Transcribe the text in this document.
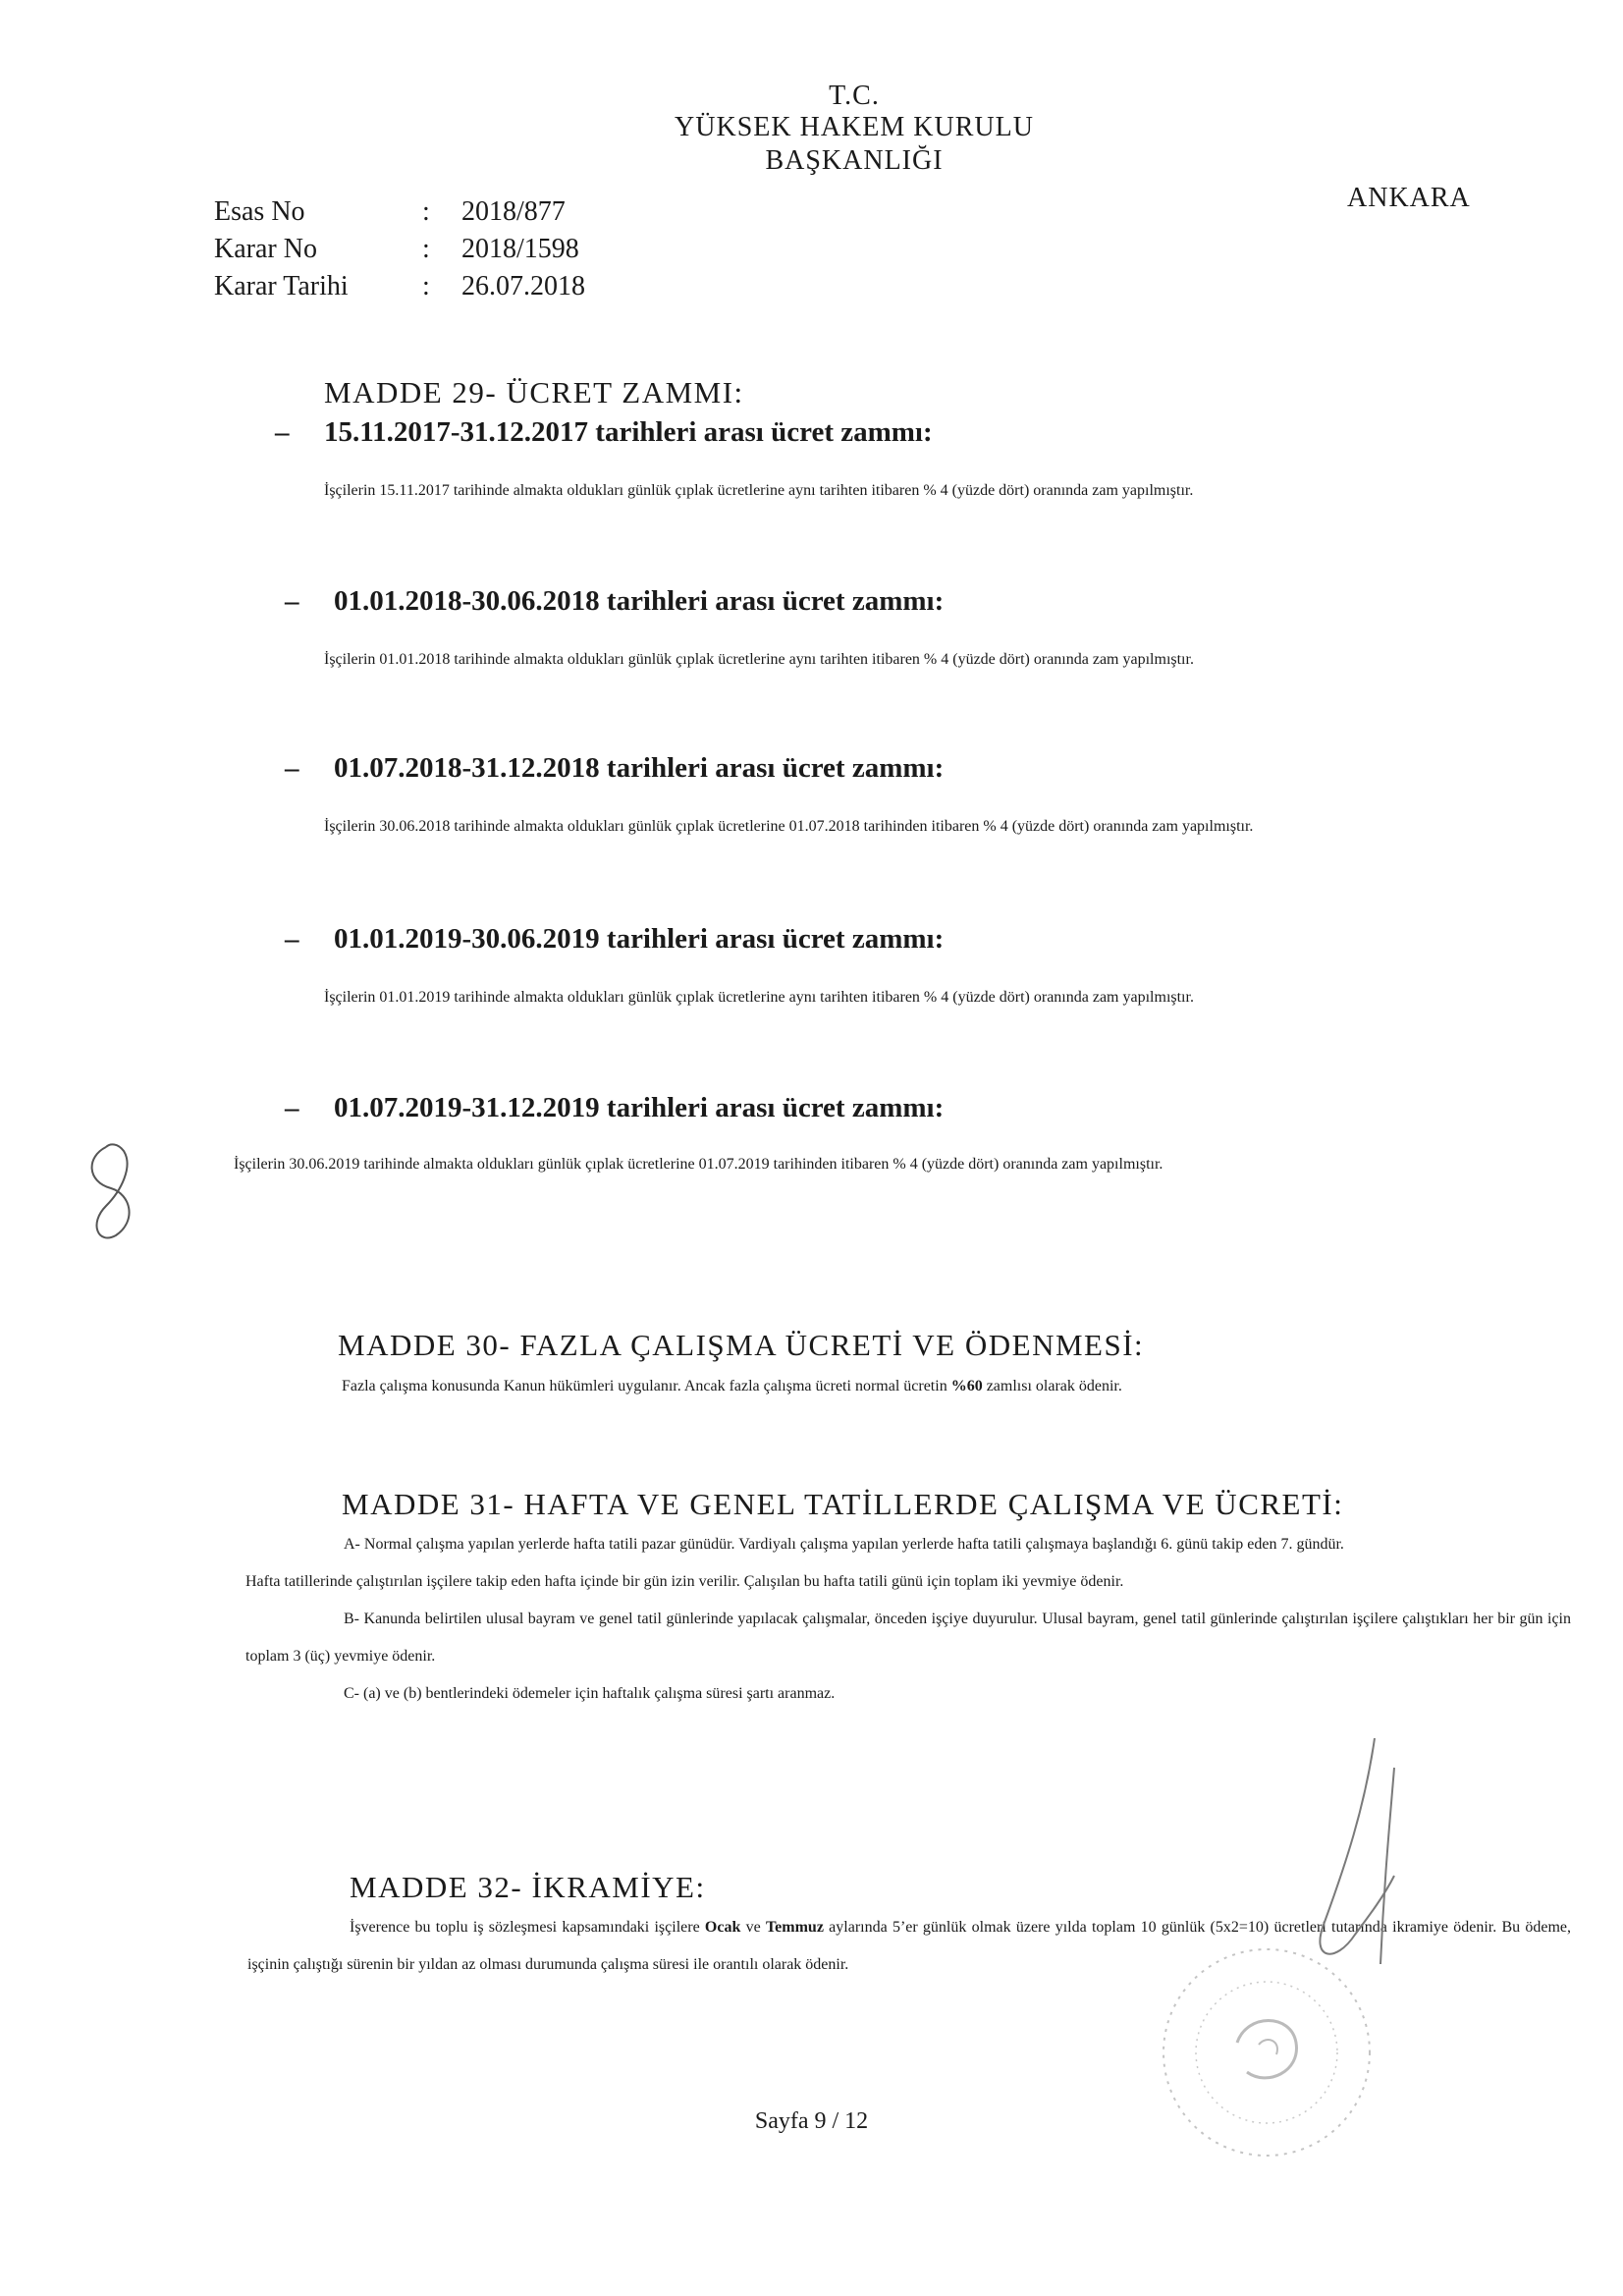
T.C.
YÜKSEK HAKEM KURULU
BAŞKANLIĞI
ANKARA
Esas No	:	2018/877
Karar No	:	2018/1598
Karar Tarihi	:	26.07.2018
MADDE 29- ÜCRET ZAMMI:
– 15.11.2017-31.12.2017 tarihleri arası ücret zammı:

İşçilerin 15.11.2017 tarihinde almakta oldukları günlük çıplak ücretlerine aynı tarihten itibaren % 4 (yüzde dört) oranında zam yapılmıştır.

– 01.01.2018-30.06.2018 tarihleri arası ücret zammı:

İşçilerin 01.01.2018 tarihinde almakta oldukları günlük çıplak ücretlerine aynı tarihten itibaren % 4 (yüzde dört) oranında zam yapılmıştır.

– 01.07.2018-31.12.2018 tarihleri arası ücret zammı:

İşçilerin 30.06.2018 tarihinde almakta oldukları günlük çıplak ücretlerine 01.07.2018 tarihinden itibaren % 4 (yüzde dört) oranında zam yapılmıştır.

– 01.01.2019-30.06.2019 tarihleri arası ücret zammı:

İşçilerin 01.01.2019 tarihinde almakta oldukları günlük çıplak ücretlerine aynı tarihten itibaren % 4 (yüzde dört) oranında zam yapılmıştır.

– 01.07.2019-31.12.2019 tarihleri arası ücret zammı:

İşçilerin 30.06.2019 tarihinde almakta oldukları günlük çıplak ücretlerine 01.07.2019 tarihinden itibaren % 4 (yüzde dört) oranında zam yapılmıştır.

MADDE 30- FAZLA ÇALIŞMA ÜCRETİ VE ÖDENMESİ:

Fazla çalışma konusunda Kanun hükümleri uygulanır. Ancak fazla çalışma ücreti normal ücretin %60 zamlısı olarak ödenir.

MADDE 31- HAFTA VE GENEL TATİLLERDE ÇALIŞMA VE ÜCRETİ:

A- Normal çalışma yapılan yerlerde hafta tatili pazar günüdür. Vardiyalı çalışma yapılan yerlerde hafta tatili çalışmaya başlandığı 6. günü takip eden 7. gündür.

Hafta tatillerinde çalıştırılan işçilere takip eden hafta içinde bir gün izin verilir. Çalışılan bu hafta tatili günü için toplam iki yevmiye ödenir.

B- Kanunda belirtilen ulusal bayram ve genel tatil günlerinde yapılacak çalışmalar, önceden işçiye duyurulur. Ulusal bayram, genel tatil günlerinde çalıştırılan işçilere çalıştıkları her bir gün için toplam 3 (üç) yevmiye ödenir.

C- (a) ve (b) bentlerindeki ödemeler için haftalık çalışma süresi şartı aranmaz.

MADDE 32- İKRAMİYE:

İşverence bu toplu iş sözleşmesi kapsamındaki işçilere Ocak ve Temmuz aylarında 5’er günlük olmak üzere yılda toplam 10 günlük (5x2=10) ücretleri tutarında ikramiye ödenir. Bu ödeme, işçinin çalıştığı sürenin bir yıldan az olması durumunda çalışma süresi ile orantılı olarak ödenir.

Sayfa 9 / 12
